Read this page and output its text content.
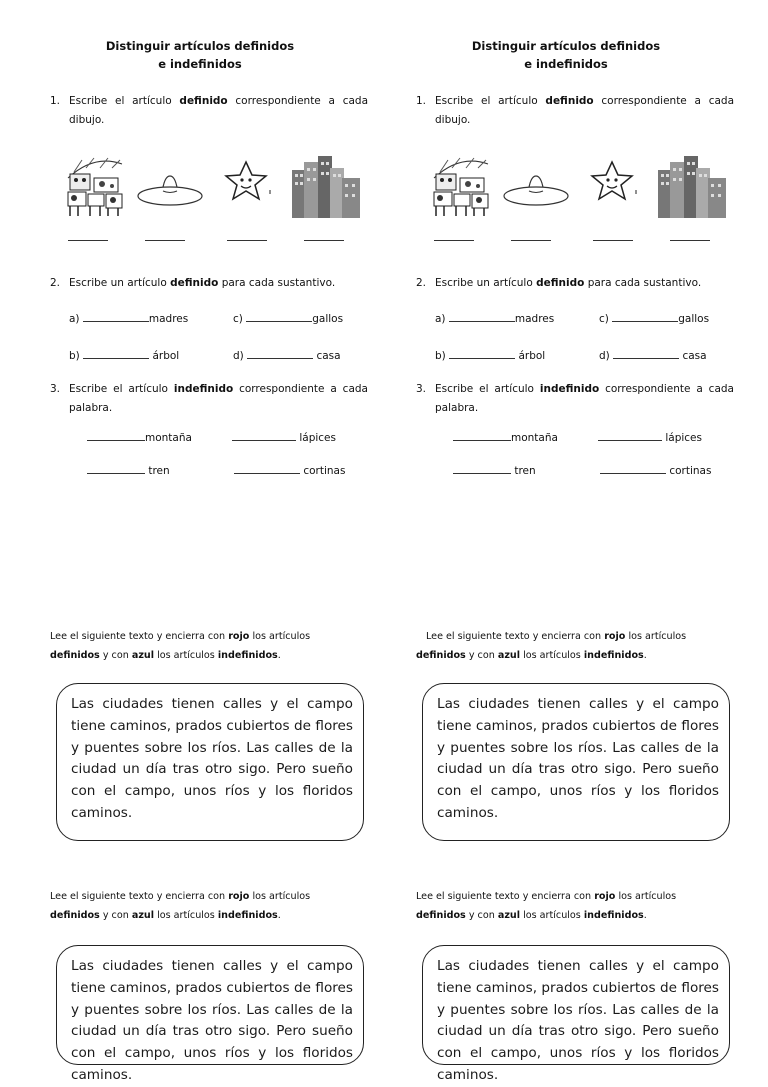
Distinguir artículos definidos
e indefinidos
1. Escribe el artículo definido correspondiente a cada dibujo.
2. Escribe un artículo definido para cada sustantivo.
a)	madres	c)	gallos
b)	árbol	d)	casa
3. Escribe el artículo indefinido correspondiente a cada palabra.
montaña	lápices
tren	cortinas
Lee el siguiente texto y encierra con rojo los artículos
definidos y con azul los artículos indefinidos.
Las ciudades tienen calles y el campo tiene caminos, prados cubiertos de flores y puentes sobre los ríos. Las calles de la ciudad un día tras otro sigo. Pero sueño con el campo, unos ríos y los floridos caminos.
Lee el siguiente texto y encierra con rojo los artículos
definidos y con azul los artículos indefinidos.
Las ciudades tienen calles y el campo tiene caminos, prados cubiertos de flores y puentes sobre los ríos. Las calles de la ciudad un día tras otro sigo. Pero sueño con el campo, unos ríos y los floridos caminos.
Distinguir artículos definidos
e indefinidos
1. Escribe el artículo definido correspondiente a cada dibujo.
2. Escribe un artículo definido para cada sustantivo.
a)	madres	c)	gallos
b)	árbol	d)	casa
3. Escribe el artículo indefinido correspondiente a cada palabra.
montaña	lápices
tren	cortinas
Lee el siguiente texto y encierra con rojo los artículos
definidos y con azul los artículos indefinidos.
Las ciudades tienen calles y el campo tiene caminos, prados cubiertos de flores y puentes sobre los ríos. Las calles de la ciudad un día tras otro sigo. Pero sueño con el campo, unos ríos y los floridos caminos.
Lee el siguiente texto y encierra con rojo los artículos
definidos y con azul los artículos indefinidos.
Las ciudades tienen calles y el campo tiene caminos, prados cubiertos de flores y puentes sobre los ríos. Las calles de la ciudad un día tras otro sigo. Pero sueño con el campo, unos ríos y los floridos caminos.
